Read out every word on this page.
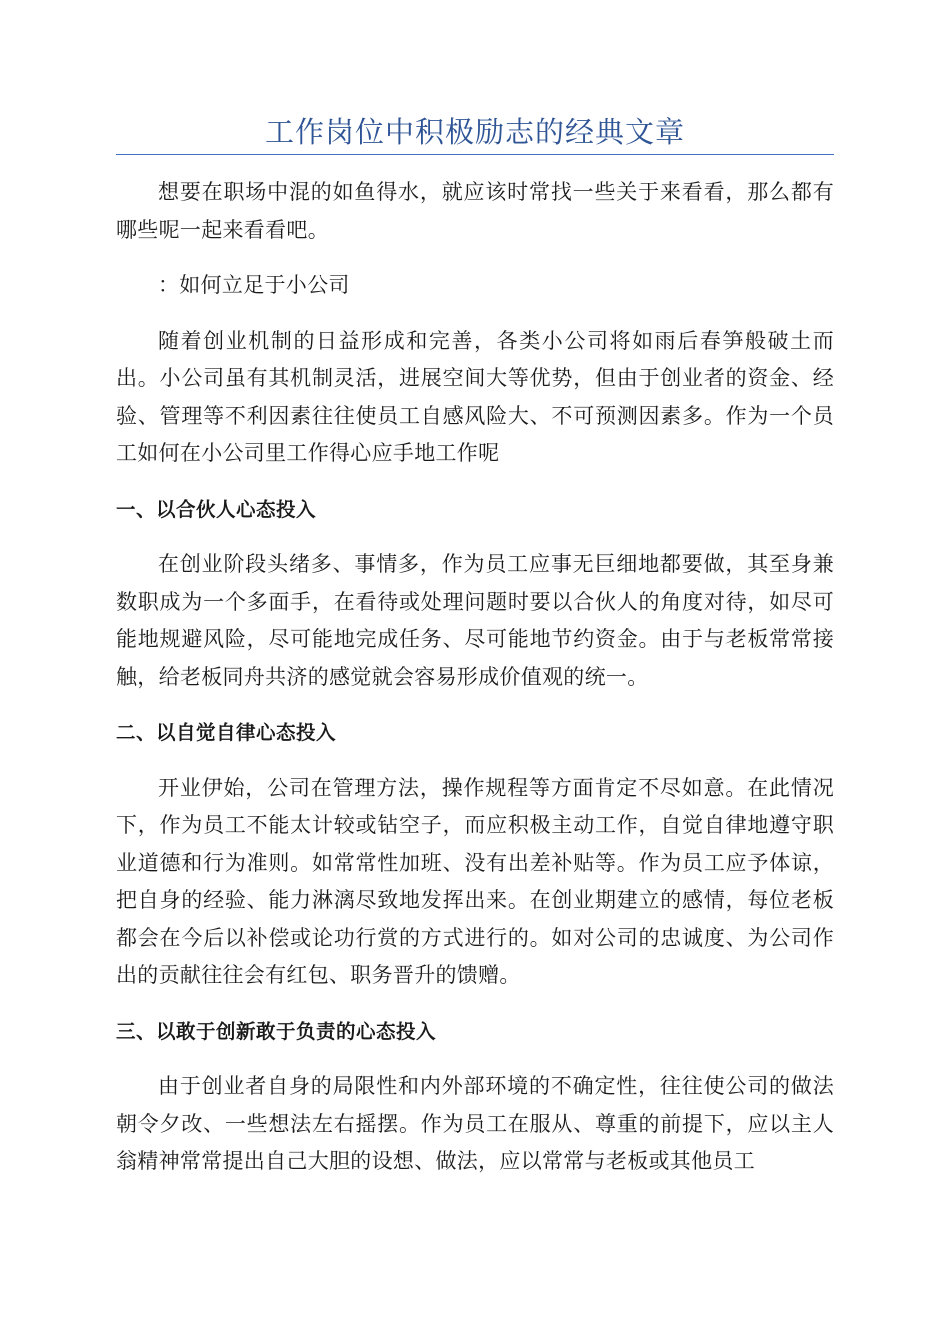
工作岗位中积极励志的经典文章

想要在职场中混的如鱼得水，就应该时常找一些关于来看看，那么都有哪些呢一起来看看吧。

：如何立足于小公司

随着创业机制的日益形成和完善，各类小公司将如雨后春笋般破土而出。小公司虽有其机制灵活，进展空间大等优势，但由于创业者的资金、经验、管理等不利因素往往使员工自感风险大、不可预测因素多。作为一个员工如何在小公司里工作得心应手地工作呢

一、以合伙人心态投入

在创业阶段头绪多、事情多，作为员工应事无巨细地都要做，其至身兼数职成为一个多面手，在看待或处理问题时要以合伙人的角度对待，如尽可能地规避风险，尽可能地完成任务、尽可能地节约资金。由于与老板常常接触，给老板同舟共济的感觉就会容易形成价值观的统一。

二、以自觉自律心态投入

开业伊始，公司在管理方法，操作规程等方面肯定不尽如意。在此情况下，作为员工不能太计较或钻空子，而应积极主动工作，自觉自律地遵守职业道德和行为准则。如常常性加班、没有出差补贴等。作为员工应予体谅，把自身的经验、能力淋漓尽致地发挥出来。在创业期建立的感情，每位老板都会在今后以补偿或论功行赏的方式进行的。如对公司的忠诚度、为公司作出的贡献往往会有红包、职务晋升的馈赠。

三、以敢于创新敢于负责的心态投入

由于创业者自身的局限性和内外部环境的不确定性，往往使公司的做法朝令夕改、一些想法左右摇摆。作为员工在服从、尊重的前提下，应以主人翁精神常常提出自己大胆的设想、做法，应以常常与老板或其他员工
